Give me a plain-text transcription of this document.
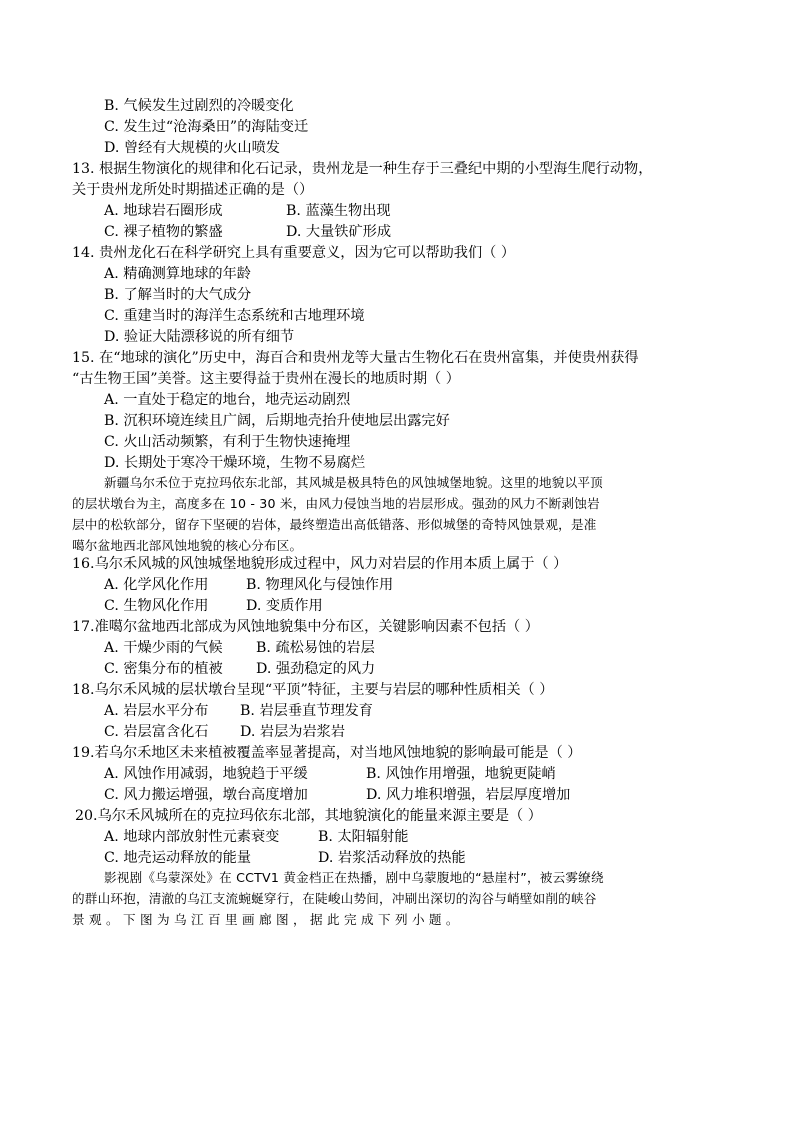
B. 气候发生过剧烈的冷暖变化
C. 发生过“沧海桑田”的海陆变迁
D. 曾经有大规模的火山喷发
13. 根据生物演化的规律和化石记录，贵州龙是一种生存于三叠纪中期的小型海生爬行动物，
关于贵州龙所处时期描述正确的是（）
A. 地球岩石圈形成	B. 蓝藻生物出现
C. 裸子植物的繁盛	D. 大量铁矿形成
14. 贵州龙化石在科学研究上具有重要意义，因为它可以帮助我们（ ）
A. 精确测算地球的年龄
B. 了解当时的大气成分
C. 重建当时的海洋生态系统和古地理环境
D. 验证大陆漂移说的所有细节
15. 在“地球的演化”历史中，海百合和贵州龙等大量古生物化石在贵州富集，并使贵州获得
“古生物王国”美誉。这主要得益于贵州在漫长的地质时期（ ）
A. 一直处于稳定的地台，地壳运动剧烈
B. 沉积环境连续且广阔，后期地壳抬升使地层出露完好
C. 火山活动频繁，有利于生物快速掩埋
D. 长期处于寒冷干燥环境，生物不易腐烂
新疆乌尔禾位于克拉玛依东北部，其风城是极具特色的风蚀城堡地貌。这里的地貌以平顶
的层状墩台为主，高度多在 10 - 30 米，由风力侵蚀当地的岩层形成。强劲的风力不断剥蚀岩
层中的松软部分，留存下坚硬的岩体，最终塑造出高低错落、形似城堡的奇特风蚀景观，是准
噶尔盆地西北部风蚀地貌的核心分布区。
16.乌尔禾风城的风蚀城堡地貌形成过程中，风力对岩层的作用本质上属于（ ）
A. 化学风化作用	B. 物理风化与侵蚀作用
C. 生物风化作用	D. 变质作用
17.准噶尔盆地西北部成为风蚀地貌集中分布区，关键影响因素不包括（ ）
A. 干燥少雨的气候 B. 疏松易蚀的岩层
C. 密集分布的植被 D. 强劲稳定的风力
18.乌尔禾风城的层状墩台呈现“平顶”特征，主要与岩层的哪种性质相关（ ）
A. 岩层水平分布 B. 岩层垂直节理发育
C. 岩层富含化石 D. 岩层为岩浆岩
19.若乌尔禾地区未来植被覆盖率显著提高，对当地风蚀地貌的影响最可能是（ ）
A. 风蚀作用减弱，地貌趋于平缓	B. 风蚀作用增强，地貌更陡峭
C. 风力搬运增强，墩台高度增加	D. 风力堆积增强，岩层厚度增加
20.乌尔禾风城所在的克拉玛依东北部，其地貌演化的能量来源主要是（ ）
A. 地球内部放射性元素衰变	B. 太阳辐射能
C. 地壳运动释放的能量	D. 岩浆活动释放的热能
影视剧《乌蒙深处》在 CCTV1 黄金档正在热播，剧中乌蒙腹地的“悬崖村”，被云雾缭绕
的群山环抱，清澈的乌江支流蜿蜒穿行，在陡峻山势间，冲刷出深切的沟谷与峭壁如削的峡谷
景 观 。 下 图 为 乌 江 百 里 画 廊 图 ， 据 此 完 成 下 列 小 题 。
